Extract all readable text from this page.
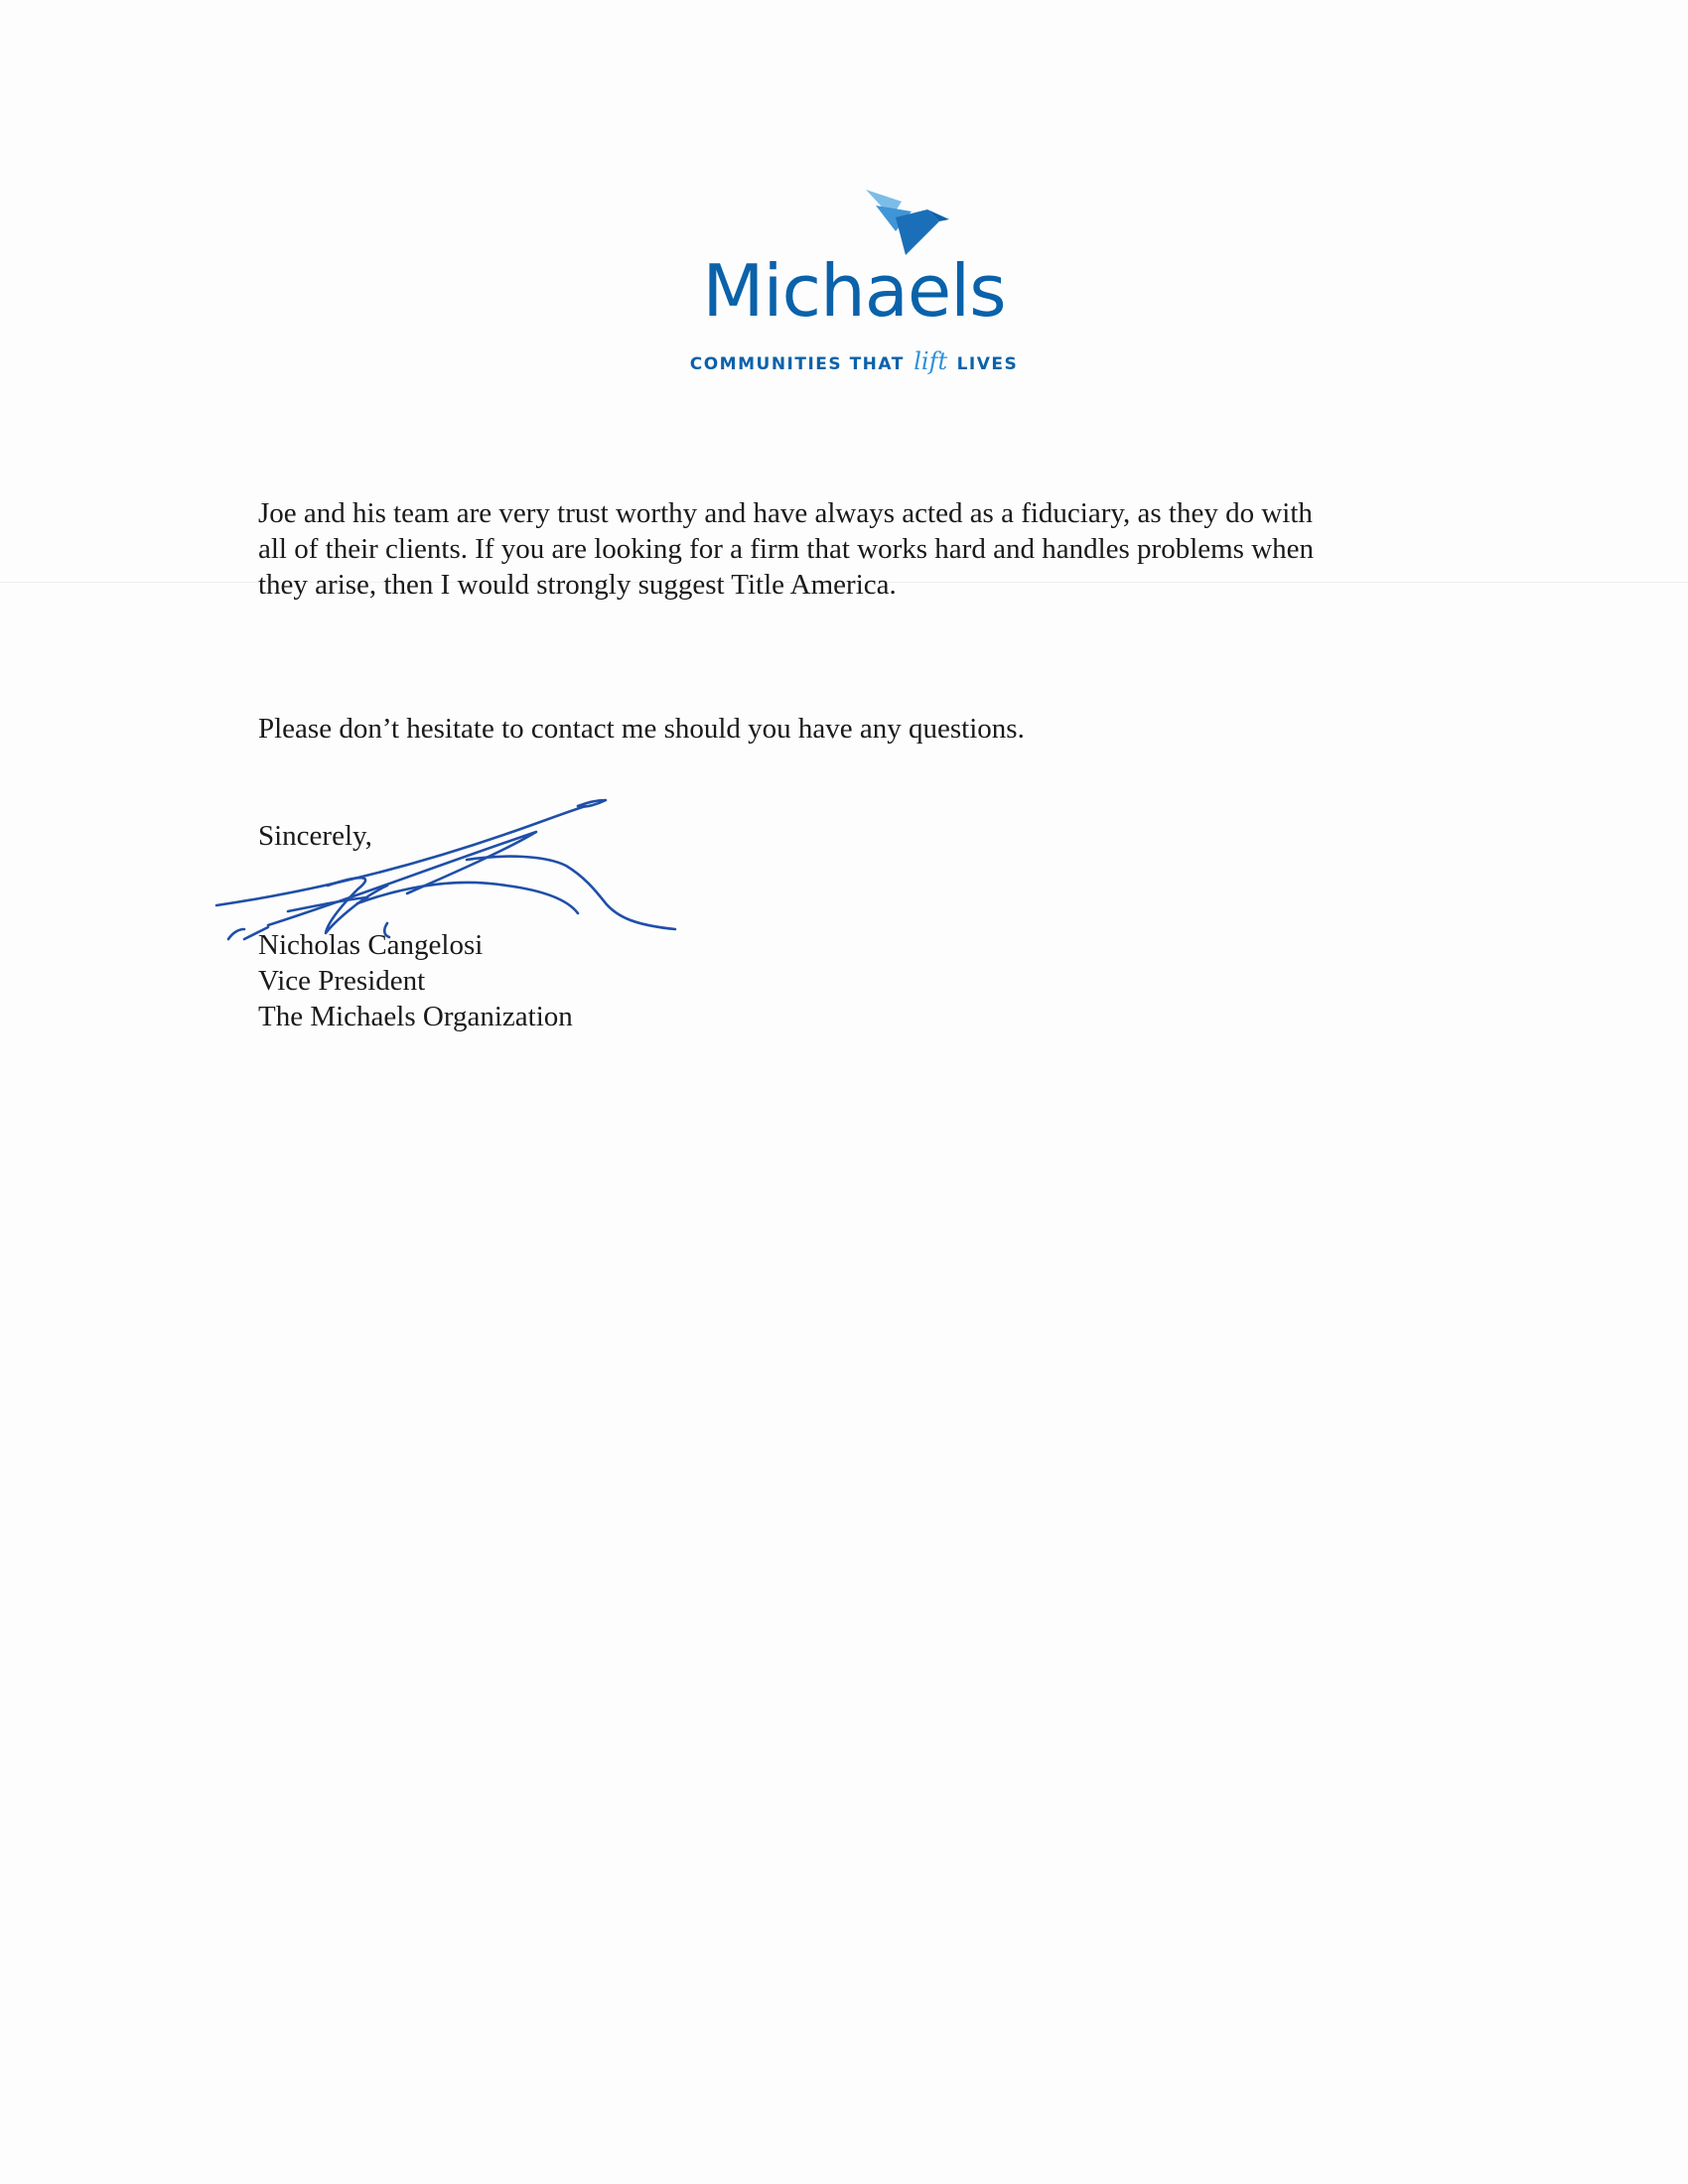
Michaels
COMMUNITIES THAT lift LIVES
Joe and his team are very trust worthy and have always acted as a fiduciary, as they do with
all of their clients. If you are looking for a firm that works hard and handles problems when
they arise, then I would strongly suggest Title America.
Please don’t hesitate to contact me should you have any questions.
Sincerely,
Nicholas Cangelosi
Vice President
The Michaels Organization
